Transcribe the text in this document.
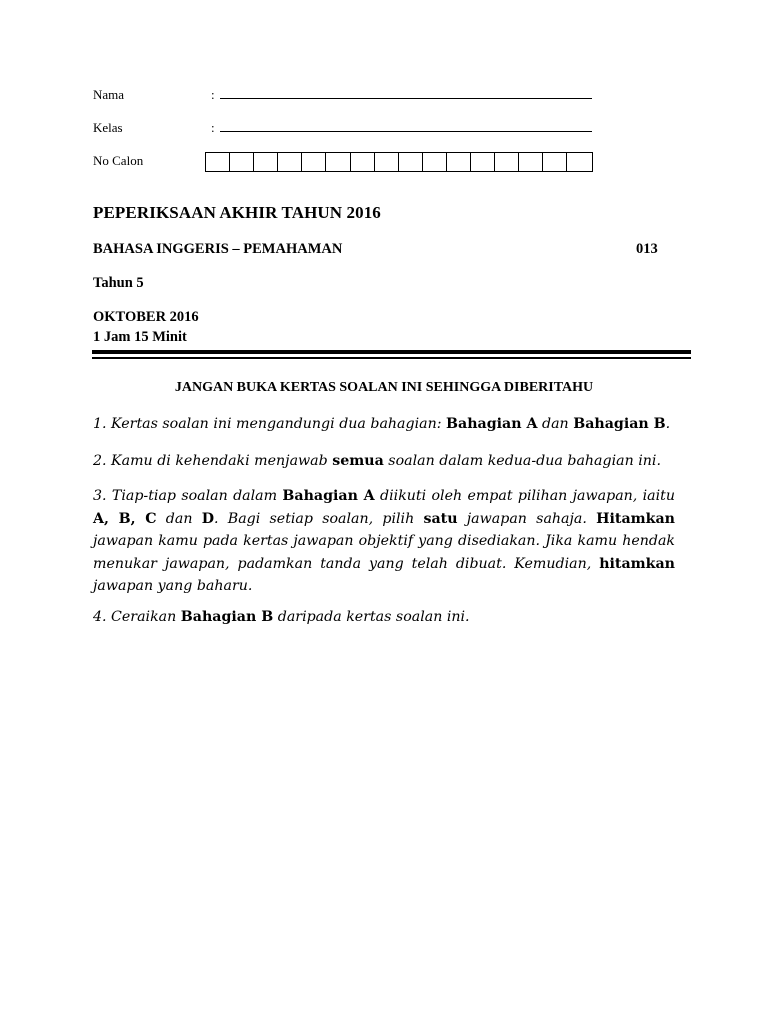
Nama	:
Kelas	:
No Calon
PEPERIKSAAN AKHIR TAHUN 2016
BAHASA INGGERIS – PEMAHAMAN	013
Tahun 5
OKTOBER 2016
1 Jam 15 Minit
JANGAN BUKA KERTAS SOALAN INI SEHINGGA DIBERITAHU
1. Kertas soalan ini mengandungi dua bahagian: Bahagian A dan Bahagian B.
2. Kamu di kehendaki menjawab semua soalan dalam kedua-dua bahagian ini.
3. Tiap-tiap soalan dalam Bahagian A diikuti oleh empat pilihan jawapan, iaitu A, B, C dan D. Bagi setiap soalan, pilih satu jawapan sahaja. Hitamkan jawapan kamu pada kertas jawapan objektif yang disediakan. Jika kamu hendak menukar jawapan, padamkan tanda yang telah dibuat. Kemudian, hitamkan jawapan yang baharu.
4. Ceraikan Bahagian B daripada kertas soalan ini.
